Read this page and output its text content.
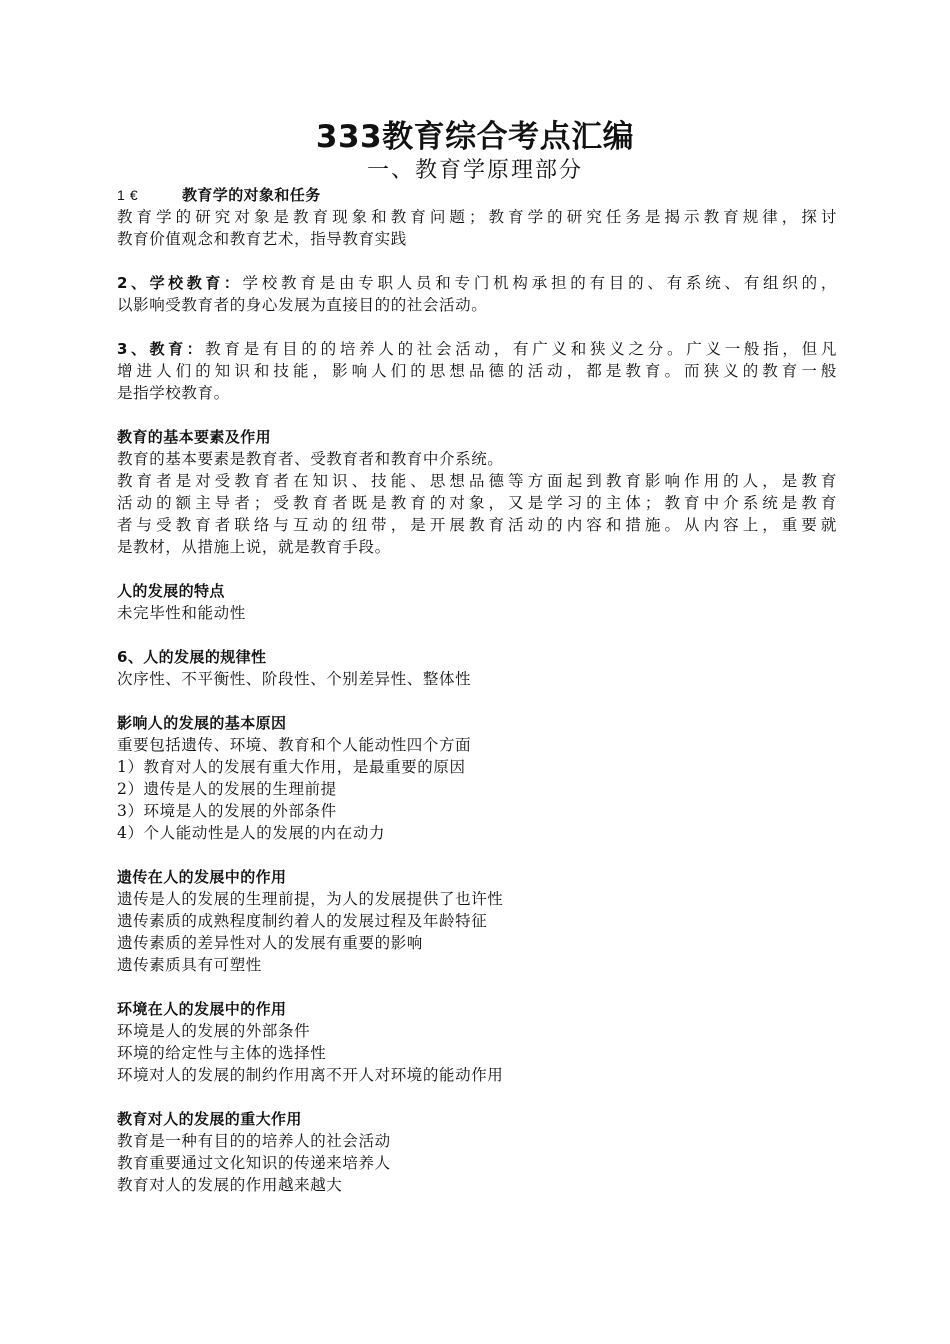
333教育综合考点汇编
一、教育学原理部分
1 €	教育学的对象和任务
教育学的研究对象是教育现象和教育问题；教育学的研究任务是揭示教育规律，探讨
教育价值观念和教育艺术，指导教育实践
2、学校教育：学校教育是由专职人员和专门机构承担的有目的、有系统、有组织的，
以影响受教育者的身心发展为直接目的的社会活动。
3、教育：教育是有目的的培养人的社会活动，有广义和狭义之分。广义一般指，但凡
增进人们的知识和技能，影响人们的思想品德的活动，都是教育。而狭义的教育一般
是指学校教育。
教育的基本要素及作用
教育的基本要素是教育者、受教育者和教育中介系统。
教育者是对受教育者在知识、技能、思想品德等方面起到教育影响作用的人，是教育
活动的额主导者；受教育者既是教育的对象，又是学习的主体；教育中介系统是教育
者与受教育者联络与互动的纽带，是开展教育活动的内容和措施。从内容上，重要就
是教材，从措施上说，就是教育手段。
人的发展的特点
未完毕性和能动性
6、人的发展的规律性
次序性、不平衡性、阶段性、个别差异性、整体性
影响人的发展的基本原因
重要包括遗传、环境、教育和个人能动性四个方面
1）教育对人的发展有重大作用，是最重要的原因
2）遗传是人的发展的生理前提
3）环境是人的发展的外部条件
4）个人能动性是人的发展的内在动力
遗传在人的发展中的作用
遗传是人的发展的生理前提，为人的发展提供了也许性
遗传素质的成熟程度制约着人的发展过程及年龄特征
遗传素质的差异性对人的发展有重要的影响
遗传素质具有可塑性
环境在人的发展中的作用
环境是人的发展的外部条件
环境的给定性与主体的选择性
环境对人的发展的制约作用离不开人对环境的能动作用
教育对人的发展的重大作用
教育是一种有目的的培养人的社会活动
教育重要通过文化知识的传递来培养人
教育对人的发展的作用越来越大
